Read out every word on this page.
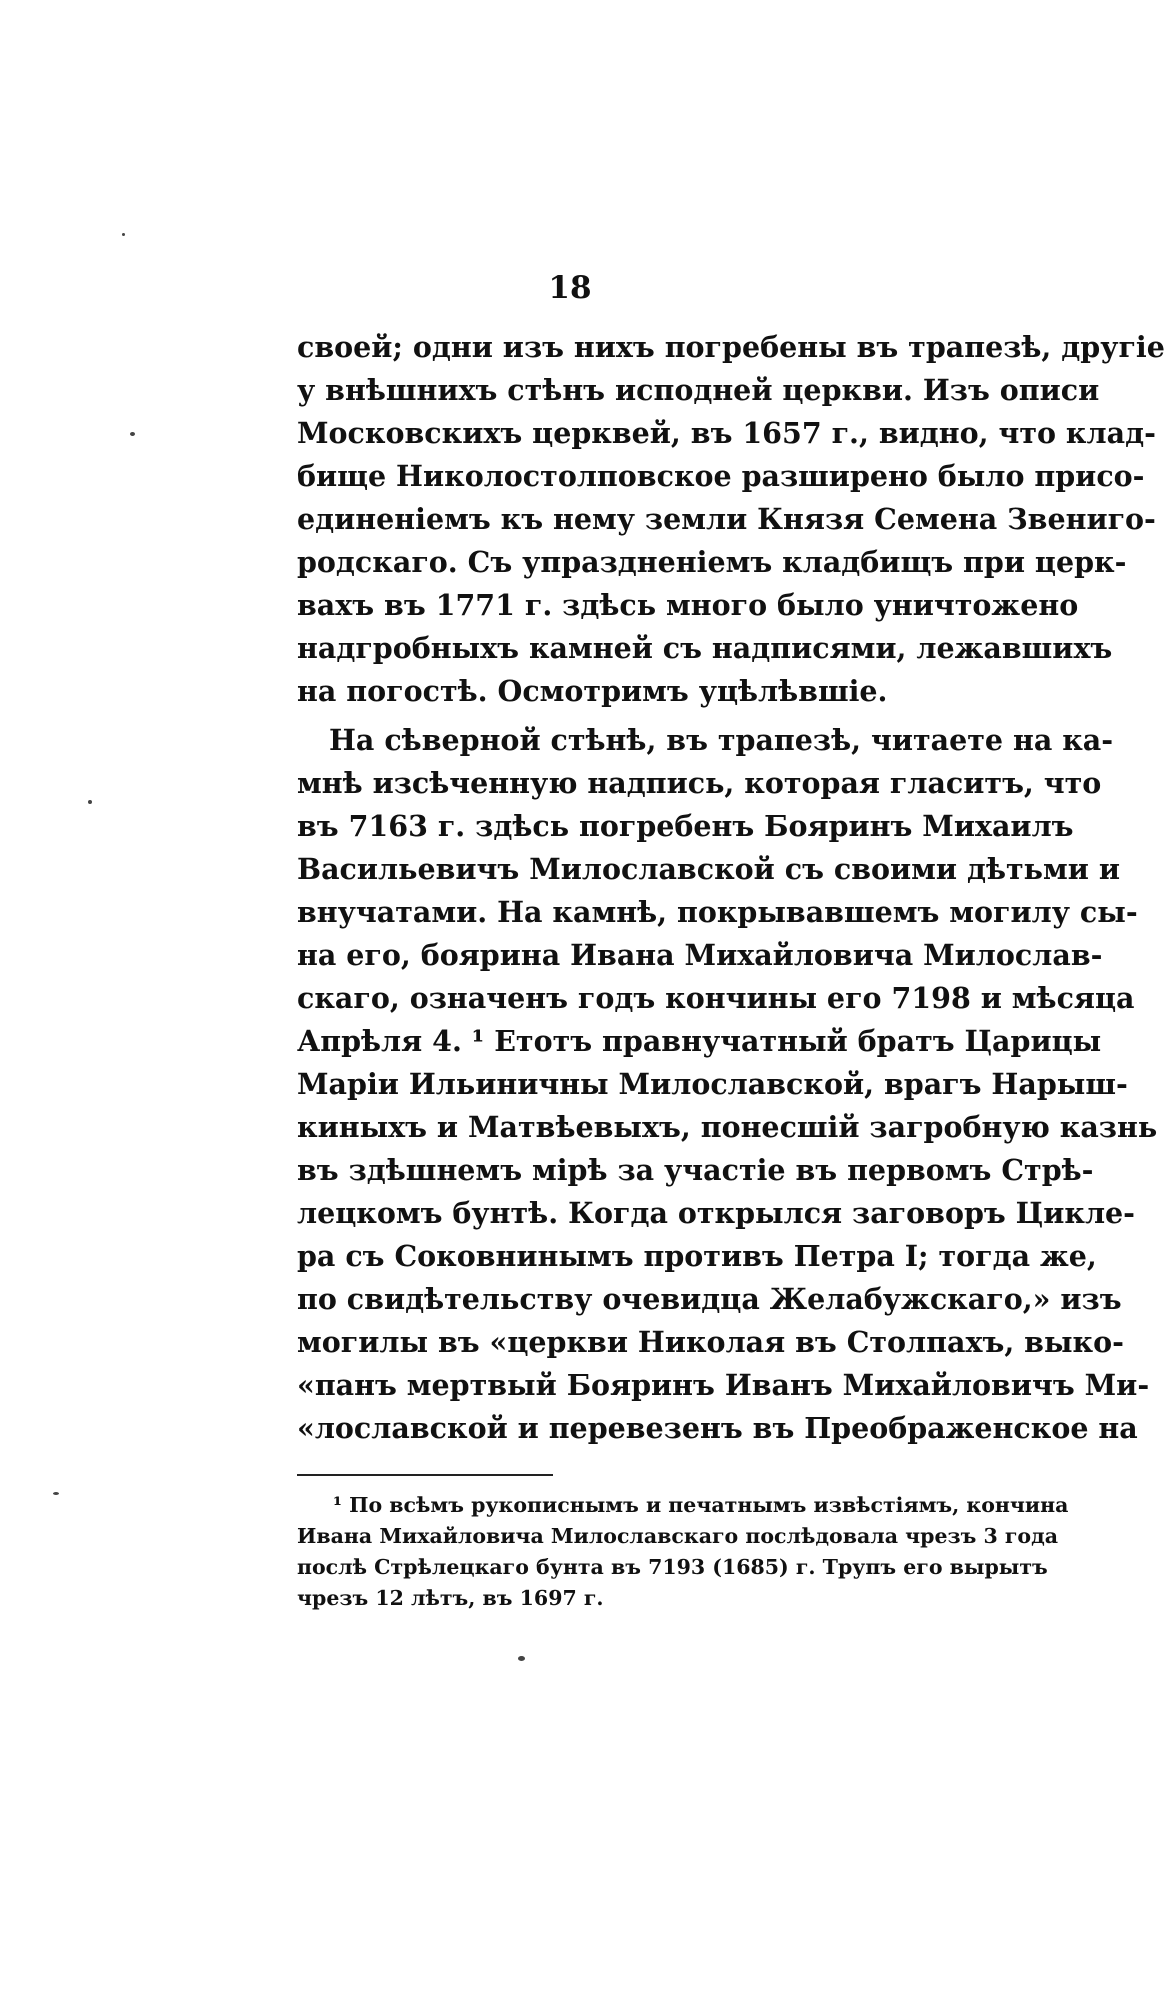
18
своей; одни изъ нихъ погребены въ трапезѣ, другiе
у внѣшнихъ стѣнъ исподней церкви. Изъ описи
Московскихъ церквей, въ 1657 г., видно, что клад-
бище Николостолповское разширено было присо-
единенiемъ къ нему земли Князя Семена Звениго-
родскаго. Съ упраздненiемъ кладбищъ при церк-
вахъ въ 1771 г. здѣсь много было уничтожено
надгробныхъ камней съ надписями, лежавшихъ
на погостѣ. Осмотримъ уцѣлѣвшiе.
На сѣверной стѣнѣ, въ трапезѣ, читаете на ка-
мнѣ изсѣченную надпись, которая гласитъ, что
въ 7163 г. здѣсь погребенъ Бояринъ Михаилъ
Васильевичъ Милославской съ своими дѣтьми и
внучатами. На камнѣ, покрывавшемъ могилу сы-
на его, боярина Ивана Михайловича Милослав-
скаго, означенъ годъ кончины его 7198 и мѣсяца
Апрѣля 4. ¹ Етотъ правнучатный братъ Царицы
Марiи Ильиничны Милославской, врагъ Нарыш-
киныхъ и Матвѣевыхъ, понесшiй загробную казнь
въ здѣшнемъ мiрѣ за участiе въ первомъ Стрѣ-
лецкомъ бунтѣ. Когда открылся заговоръ Циклe-
ра съ Соковнинымъ противъ Петра I; тогда же,
по свидѣтельству очевидца Желабужскаго,» изъ
могилы въ «церкви Николая въ Столпахъ, выко-
«панъ мертвый Бояринъ Иванъ Михайловичъ Ми-
«лославской и перевезенъ въ Преображенское на
¹ По всѣмъ рукописнымъ и печатнымъ извѣстiямъ, кончина
Ивана Михайловича Милославскаго послѣдовала чрезъ 3 года
послѣ Стрѣлецкаго бунта въ 7193 (1685) г. Трупъ его вырытъ
чрезъ 12 лѣтъ, въ 1697 г.
